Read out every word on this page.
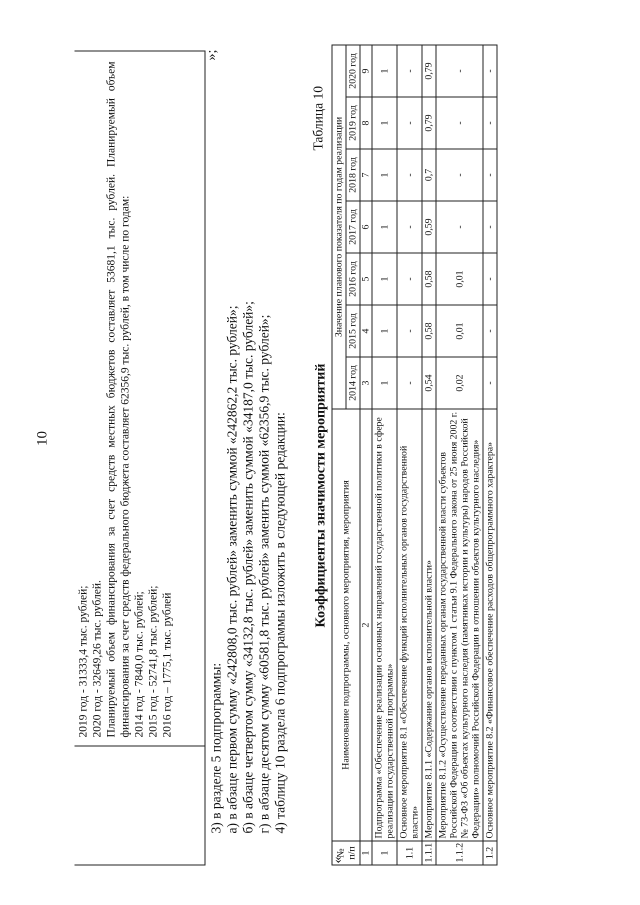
10
2019 год - 31333,4 тыс. рублей; 2020 год - 32649,26 тыс. рублей. Планируемый объем финансирования за счет средств местных бюджетов составляет 53681,1 тыс. рублей. Планируемый объем финансирования за счет средств федерального бюджета составляет 62356,9 тыс. рублей, в том числе по годам: 2014 год - 7840,0 тыс. рублей; 2015 год - 52741,8 тыс. рублей; 2016 год – 1775,1 тыс. рублей
»;
3) в разделе 5 подпрограммы: а) в абзаце первом сумму «242808,0 тыс. рублей» заменить суммой «242862,2 тыс. рублей»; б) в абзаце четвертом сумму «34132,8 тыс. рублей» заменить суммой «34187,0 тыс. рублей»; г) в абзаце десятом сумму «60581,8 тыс. рублей» заменить суммой «62356,9 тыс. рублей»; 4) таблицу 10 раздела 6 подпрограммы изложить в следующей редакции:
Таблица 10
Коэффициенты значимости мероприятий
«
№ п/п	Наименование подпрограммы, основного мероприятия, мероприятия	Значение планового показателя по годам реализации						
		2014 год	2015 год	2016 год	2017 год	2018 год	2019 год	2020 год
1	2	3	4	5	6	7	8	9
1	Подпрограмма «Обеспечение реализации основных направлений государственной политики в сфере реализации государственной программы»	1	1	1	1	1	1	1
1.1	Основное мероприятие 8.1 «Обеспечение функций исполнительных органов государственной власти»	-	-	-	-	-	-	-
1.1.1	Мероприятие 8.1.1 «Содержание органов исполнительной власти»	0,54	0,58	0,58	0,59	0,7	0,79	0,79
1.1.2	Мероприятие 8.1.2 «Осуществление переданных органам государственной власти субъектов Российской Федерации в соответствии с пунктом 1 статьи 9.1 Федерального закона от 25 июня 2002 г. № 73-ФЗ «Об объектах культурного наследия (памятниках истории и культуры) народов Российской Федерации» полномочий Российской Федерации в отношении объектов культурного наследия»	0,02	0,01	0,01	-	-	-	-
1.2	Основное мероприятие 8.2 «Финансовое обеспечение расходов общепрограммного характера»	-	-	-	-	-	-	-
